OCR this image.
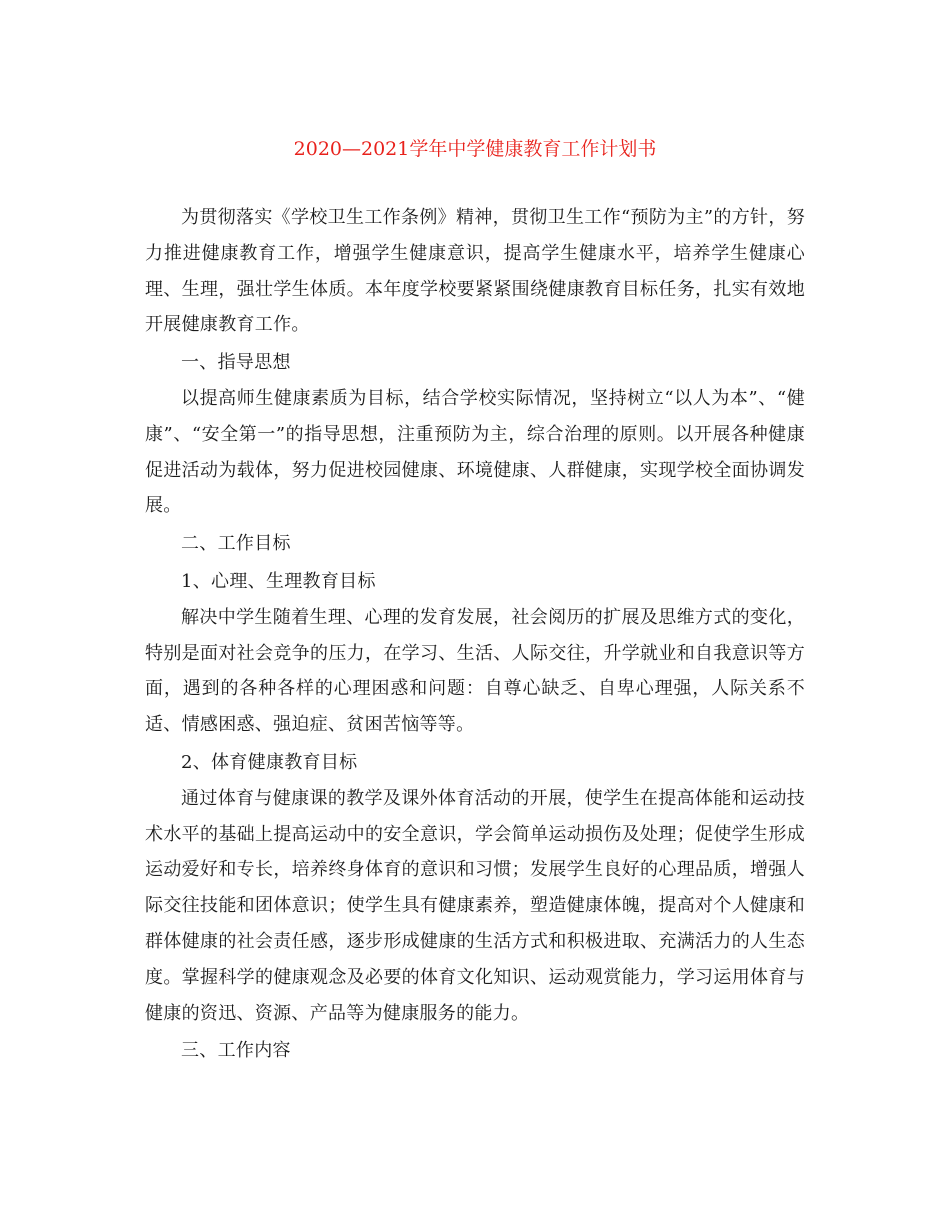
2020—2021学年中学健康教育工作计划书

为贯彻落实《学校卫生工作条例》精神，贯彻卫生工作“预防为主”的方针，努力推进健康教育工作，增强学生健康意识，提高学生健康水平，培养学生健康心理、生理，强壮学生体质。本年度学校要紧紧围绕健康教育目标任务，扎实有效地开展健康教育工作。

一、指导思想

以提高师生健康素质为目标，结合学校实际情况，坚持树立“以人为本”、“健康”、“安全第一”的指导思想，注重预防为主，综合治理的原则。以开展各种健康促进活动为载体，努力促进校园健康、环境健康、人群健康，实现学校全面协调发展。

二、工作目标

1、心理、生理教育目标

解决中学生随着生理、心理的发育发展，社会阅历的扩展及思维方式的变化，特别是面对社会竞争的压力，在学习、生活、人际交往，升学就业和自我意识等方面，遇到的各种各样的心理困惑和问题：自尊心缺乏、自卑心理强，人际关系不适、情感困惑、强迫症、贫困苦恼等等。

2、体育健康教育目标

通过体育与健康课的教学及课外体育活动的开展，使学生在提高体能和运动技术水平的基础上提高运动中的安全意识，学会简单运动损伤及处理；促使学生形成运动爱好和专长，培养终身体育的意识和习惯；发展学生良好的心理品质，增强人际交往技能和团体意识；使学生具有健康素养，塑造健康体魄，提高对个人健康和群体健康的社会责任感，逐步形成健康的生活方式和积极进取、充满活力的人生态度。掌握科学的健康观念及必要的体育文化知识、运动观赏能力，学习运用体育与健康的资迅、资源、产品等为健康服务的能力。

三、工作内容
